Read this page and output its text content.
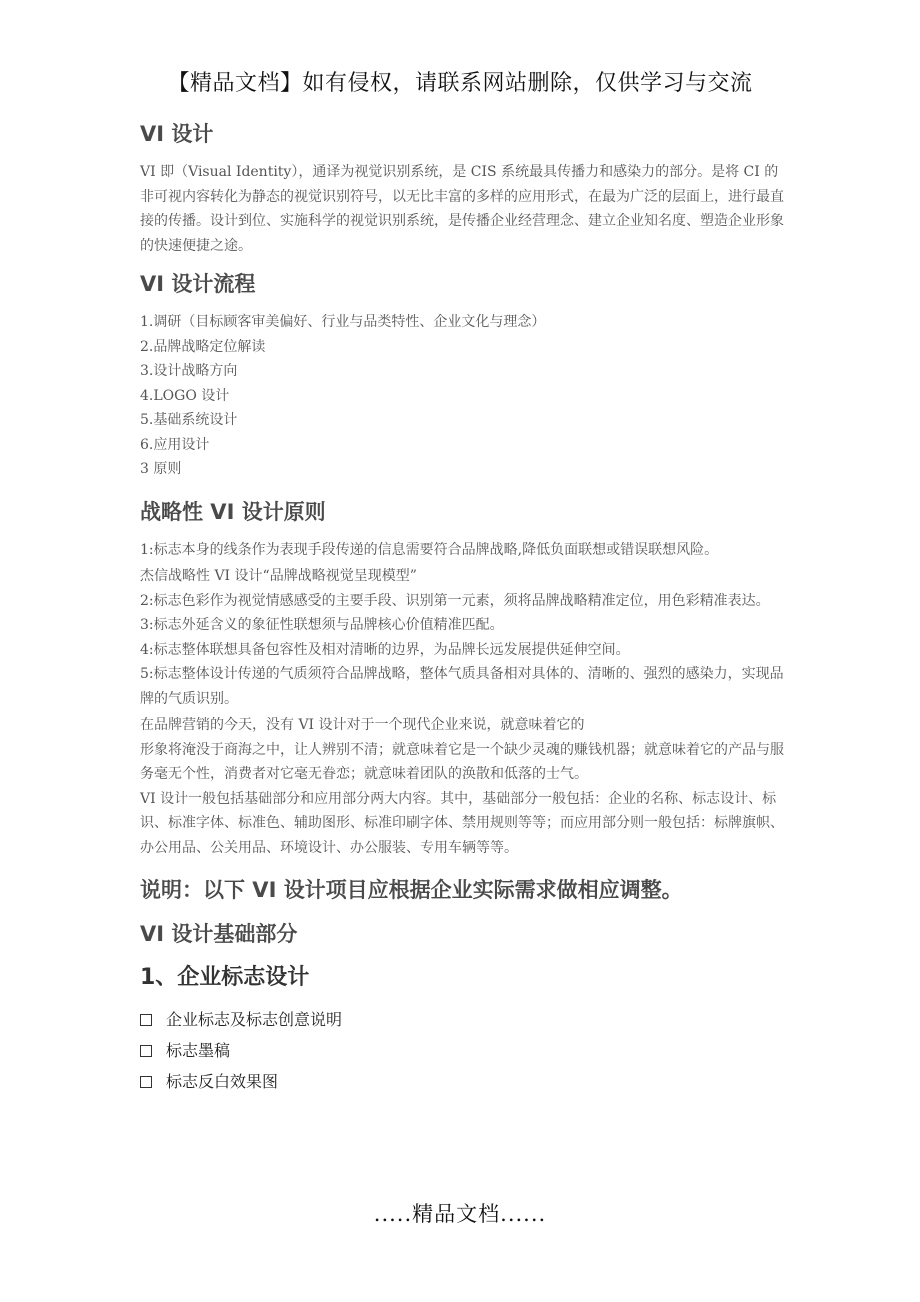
【精品文档】如有侵权，请联系网站删除，仅供学习与交流
VI 设计

VI 即（Visual Identity），通译为视觉识别系统，是 CIS 系统最具传播力和感染力的部分。是将 CI 的非可视内容转化为静态的视觉识别符号，以无比丰富的多样的应用形式，在最为广泛的层面上，进行最直接的传播。设计到位、实施科学的视觉识别系统，是传播企业经营理念、建立企业知名度、塑造企业形象的快速便捷之途。

VI 设计流程
1.调研（目标顾客审美偏好、行业与品类特性、企业文化与理念）
2.品牌战略定位解读
3.设计战略方向
4.LOGO 设计
5.基础系统设计
6.应用设计
3 原则
战略性 VI 设计原则

1:标志本身的线条作为表现手段传递的信息需要符合品牌战略,降低负面联想或错误联想风险。

杰信战略性 VI 设计“品牌战略视觉呈现模型”

2:标志色彩作为视觉情感感受的主要手段、识别第一元素，须将品牌战略精准定位，用色彩精准表达。

3:标志外延含义的象征性联想须与品牌核心价值精准匹配。

4:标志整体联想具备包容性及相对清晰的边界，为品牌长远发展提供延伸空间。

5:标志整体设计传递的气质须符合品牌战略，整体气质具备相对具体的、清晰的、强烈的感染力，实现品牌的气质识别。

在品牌营销的今天，没有 VI 设计对于一个现代企业来说，就意味着它的

形象将淹没于商海之中，让人辨别不清；就意味着它是一个缺少灵魂的赚钱机器；就意味着它的产品与服务毫无个性，消费者对它毫无眷恋；就意味着团队的涣散和低落的士气。

VI 设计一般包括基础部分和应用部分两大内容。其中，基础部分一般包括：企业的名称、标志设计、标识、标准字体、标准色、辅助图形、标准印刷字体、禁用规则等等；而应用部分则一般包括：标牌旗帜、办公用品、公关用品、环境设计、办公服装、专用车辆等等。

说明：以下 VI 设计项目应根据企业实际需求做相应调整。
VI 设计基础部分
1、企业标志设计
企业标志及标志创意说明
标志墨稿
标志反白效果图
.....精品文档......
